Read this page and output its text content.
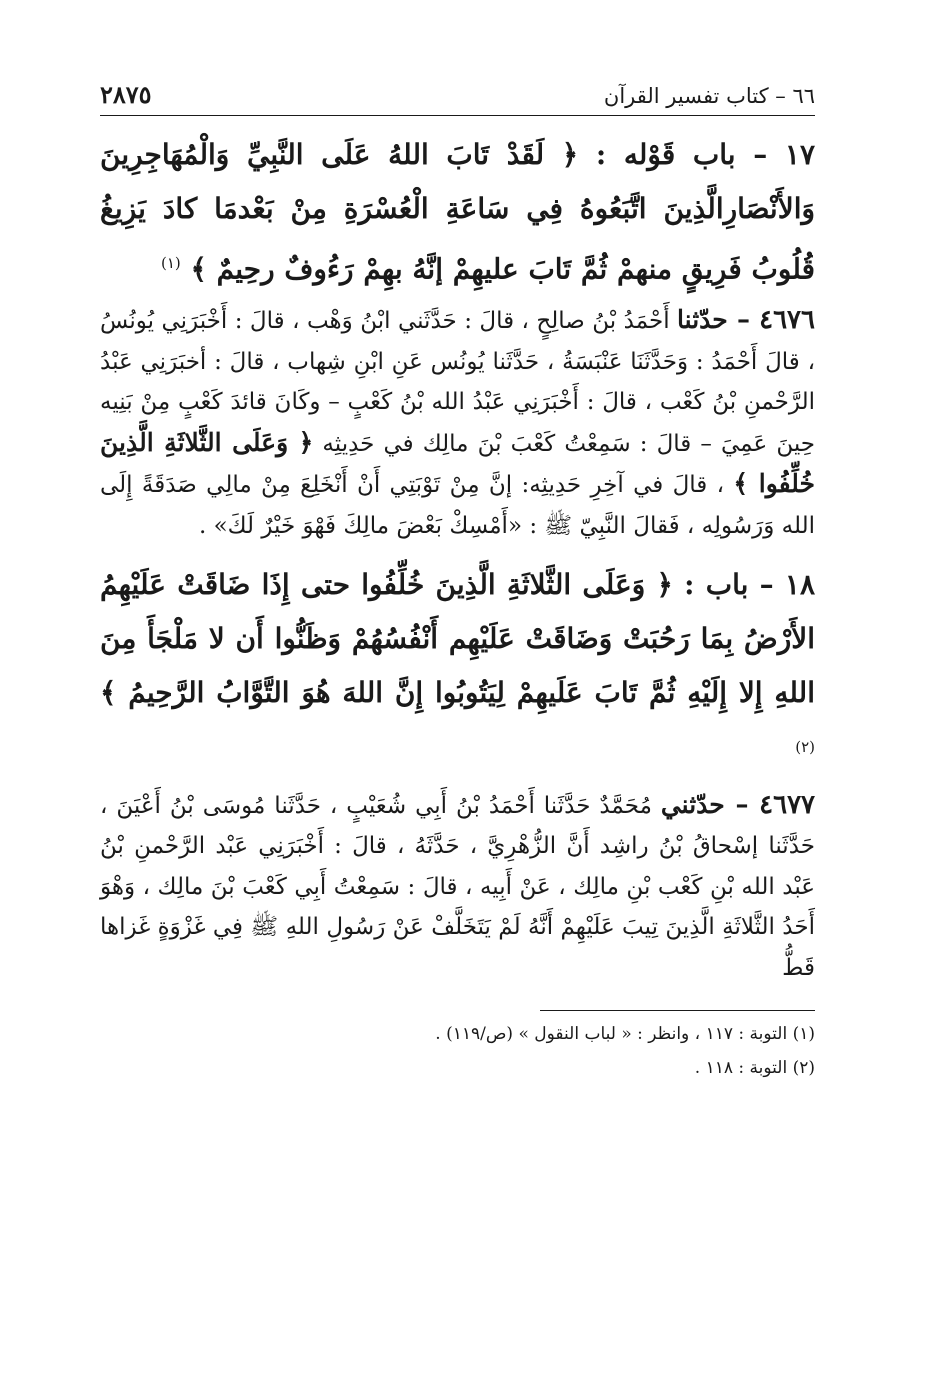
٦٦ – كتاب تفسير القرآن
٢٨٧٥
١٧ – باب قَوْله : ﴿ لَقَدْ تَابَ اللهُ عَلَى النَّبِيِّ وَالْمُهَاجِرِينَ وَالأَنْصَارِالَّذِينَ اتَّبَعُوهُ فِي سَاعَةِ الْعُسْرَةِ مِنْ بَعْدمَا كادَ يَزِيغُ قُلُوبُ فَرِيقٍ منهمْ ثُمَّ تَابَ عليهِمْ إنَّهُ بهِمْ رَءُوفٌ رحِيمٌ ﴾ $^{(١)}$
٤٦٧٦ – حدّثنا أَحْمَدُ بْنُ صالِحٍ ، قالَ : حَدَّثَني ابْنُ وَهْب ، قالَ : أَخْبَرَنِي يُونُسُ ، قالَ أَحْمَدُ : وَحَدَّثَنَا عَنْبَسَةُ ، حَدَّثَنا يُونُس عَنِ ابْنِ شِهاب ، قالَ : أخبَرَنِي عَبْدُ الرَّحْمنِ بْنُ كَعْب ، قالَ : أَخْبَرَنِي عَبْدُ الله بْنُ كَعْبٍ – وكَانَ قائدَ كَعْبٍ مِنْ بَنِيه حِينَ عَمِيَ – قالَ : سَمِعْتُ كَعْبَ بْنَ مالِك في حَدِيثِه ﴿ وَعَلَى الثَّلاثَةِ الَّذِينَ خُلِّفُوا ﴾ ، قالَ في آخِرِ حَدِيثِه: إنَّ مِنْ تَوْبَتِي أَنْ أَنْخَلِعَ مِنْ مالِي صَدَقَةً إِلَى الله وَرَسُولِه ، فَقالَ النَّبِيّ ﷺ : «أَمْسِكْ بَعْضَ مالِكَ فَهْوَ خَيْرٌ لَكَ» .
١٨ – باب : ﴿ وَعَلَى الثَّلاثَةِ الَّذِينَ خُلِّفُوا حتى إِذَا ضَاقَتْ عَلَيْهِمُ الأَرْضُ بِمَا رَحُبَتْ وَضَاقَتْ عَلَيْهِم أَنْفُسُهُمْ وَظَنُّوا أَن لا مَلْجَأَ مِنَ اللهِ إِلا إِلَيْهِ ثُمَّ تَابَ عَلَيهِمْ لِيَتُوبُوا إِنَّ اللهَ هُوَ التَّوَّابُ الرَّحِيمُ ﴾ $^{(٢)}$
٤٦٧٧ – حدّثني مُحَمَّدٌ حَدَّثَنا أَحْمَدُ بْنُ أَبِي شُعَيْبٍ ، حَدَّثَنا مُوسَى بْنُ أَعْيَنَ ، حَدَّثَنا إسْحاقُ بْنُ راشِد أَنَّ الزُّهْرِيَّ ، حَدَّثَهُ ، قالَ : أَخْبَرَنِي عَبْد الرَّحْمنِ بْنُ عَبْد الله بْنِ كَعْب بْنِ مالِك ، عَنْ أَبِيه ، قالَ : سَمِعْتُ أَبِي كَعْبَ بْنَ مالِك ، وَهْوَ أَحَدُ الثَّلاثَةِ الَّذِينَ تِيبَ عَلَيْهِمْ أَنَّهُ لَمْ يَتَخَلَّفْ عَنْ رَسُولِ اللهِ ﷺ فِي غَزْوَةٍ غَزاها قَطُّ

(١) التوبة : ١١٧ ، وانظر : « لباب النقول » (ص/١١٩) .

(٢) التوبة : ١١٨ .
